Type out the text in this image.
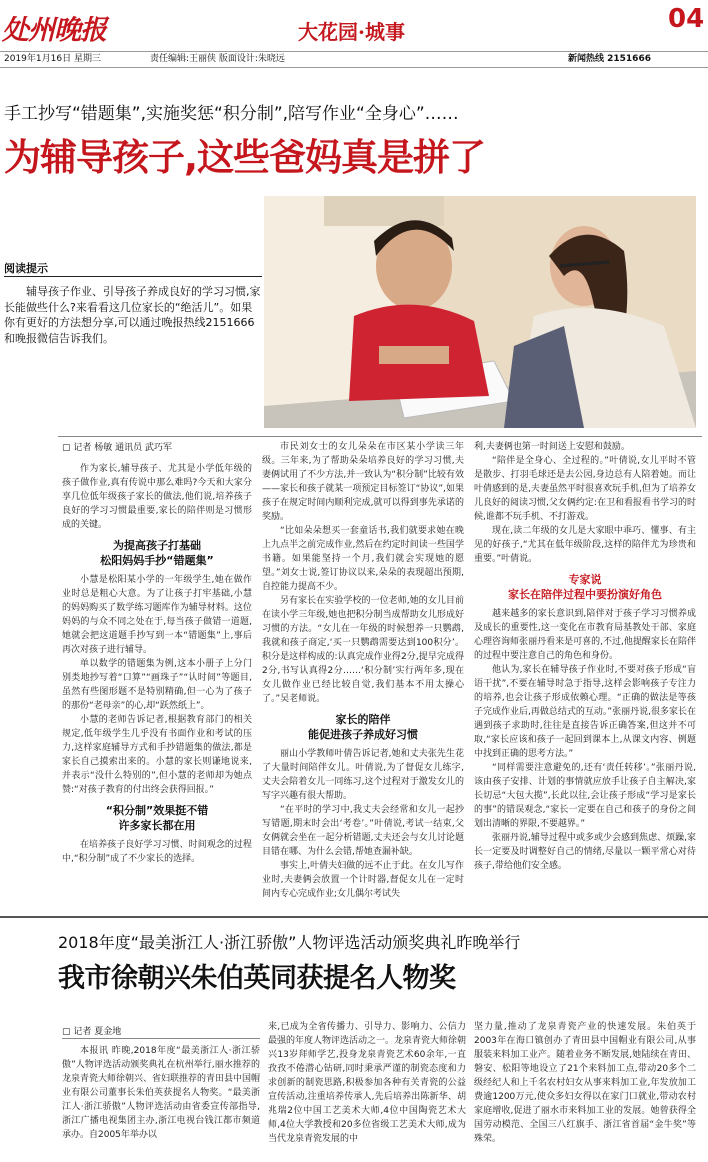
处州晚报	大花园·城事	04
2019年1月16日 星期三	责任编辑:王丽侠 版面设计:朱晓远	新闻热线 2151666
手工抄写“错题集”,实施奖惩“积分制”,陪写作业“全身心”……
为辅导孩子,这些爸妈真是拼了
阅读提示
辅导孩子作业、引导孩子养成良好的学习习惯,家长能做些什么?来看看这几位家长的“绝活儿”。如果你有更好的方法想分享,可以通过晚报热线2151666和晚报微信告诉我们。
▢ 记者 杨敏 通讯员 武巧军

作为家长,辅导孩子、尤其是小学低年级的孩子做作业,真有传说中那么难吗?今天和大家分享几位低年级孩子家长的做法,他们说,培养孩子良好的学习习惯最重要,家长的陪伴则是习惯形成的关键。

为提高孩子打基础
松阳妈妈手抄“错题集”

小慧是松阳某小学的一年级学生,她在做作业时总是粗心大意。为了让孩子打牢基础,小慧的妈妈购买了数学练习题库作为辅导材料。这位妈妈的与众不同之处在于,每当孩子做错一道题,她就会把这道题手抄写到一本“错题集”上,事后再次对孩子进行辅导。

单以数学的错题集为例,这本小册子上分门别类地抄写着“口算”“画珠子”“认时间”等题目,虽然有些图形题不是特别精确,但一心为了孩子的那份“老母亲”的心,却“跃然纸上”。

小慧的老师告诉记者,根据教育部门的相关规定,低年级学生几乎没有书面作业和考试的压力,这样家庭辅导方式和手抄错题集的做法,都是家长自己摸索出来的。小慧的家长则谦地说来,并表示“没什么特别的”,但小慧的老师却为她点赞:“对孩子教育的付出终会获得回报。”

“积分制”效果挺不错
许多家长都在用

在培养孩子良好学习习惯、时间观念的过程中,“积分制”成了不少家长的选择。

市民刘女士的女儿朵朵在市区某小学读三年级。三年来,为了帮助朵朵培养良好的学习习惯,夫妻俩试用了不少方法,并一致认为“积分制”比较有效——家长和孩子就某一项预定目标签订“协议”,如果孩子在规定时间内顺利完成,就可以得到事先承诺的奖励。

“比如朵朵想买一套童话书,我们就要求她在晚上九点半之前完成作业,然后在约定时间读一些国学书籍。如果能坚持一个月,我们就会实现她的愿望。”刘女士说,签订协议以来,朵朵的表现超出预期,自控能力提高不少。

另有家长在实验学校的一位老师,她的女儿目前在读小学三年级,她也把积分制当成帮助女儿形成好习惯的方法。“女儿在一年级的时候想养一只鹦鹉,我就和孩子商定,‘买一只鹦鹉需要达到100积分’。积分是这样构成的:认真完成作业得2分,提早完成得2分,书写认真得2分……‘积分制’实行两年多,现在女儿做作业已经比较自觉,我们基本不用太操心了。”吴老师说。

家长的陪伴
能促进孩子养成好习惯

丽山小学教师叶倩告诉记者,她和丈夫张先生花了大量时间陪伴女儿。叶倩说,为了督促女儿练字,丈夫会陪着女儿一同练习,这个过程对于激发女儿的写字兴趣有很大帮助。

“在平时的学习中,我丈夫会经常和女儿一起抄写错题,期末时会出‘考卷’。”叶倩说,考试一结束,父女俩就会坐在一起分析错题,丈夫还会与女儿讨论题目错在哪、为什么会错,帮她查漏补缺。

事实上,叶倩夫妇做的远不止于此。在女儿写作业时,夫妻俩会放置一个计时器,督促女儿在一定时间内专心完成作业;女儿偶尔考试失

利,夫妻俩也第一时间送上安慰和鼓励。

“陪伴是全身心、全过程的。”叶倩说,女儿平时不管是散步、打羽毛球还是去公园,身边总有人陪着她。而让叶倩感到的是,夫妻虽然平时很喜欢玩手机,但为了培养女儿良好的阅读习惯,父女俩约定:在卫和看报看书学习的时候,谁都不玩手机、不打游戏。

现在,读二年级的女儿是大家眼中乖巧、懂事、有主见的好孩子,“尤其在低年级阶段,这样的陪伴尤为珍贵和重要。”叶倩说。

专家说
家长在陪伴过程中要扮演好角色

越来越多的家长意识到,陪伴对于孩子学习习惯养成及成长的重要性,这一变化在市教育局基教处干部、家庭心理咨询师张丽丹看来是可喜的,不过,他提醒家长在陪伴的过程中要注意自己的角色和身份。

他认为,家长在辅导孩子作业时,不要对孩子形成“盲语干扰”,不要在辅导时急于指导,这样会影响孩子专注力的培养,也会让孩子形成依赖心理。“正确的做法是等孩子完成作业后,再做总结式的互动。”张丽丹说,很多家长在遇到孩子求助时,往往是直接告诉正确答案,但这并不可取,“家长应该和孩子一起回到课本上,从课文内容、例题中找到正确的思考方法。”

“同样需要注意避免的,还有‘责任转移’。”张丽丹说,该由孩子安排、计划的事情就应放手让孩子自主解决,家长切忌“大包大揽”,长此以往,会让孩子形成“学习是家长的事”的错误观念,“家长一定要在自己和孩子的身份之间划出清晰的界限,不要越界。”

张丽丹说,辅导过程中或多或少会感到焦虑、烦躁,家长一定要及时调整好自己的情绪,尽量以一颗平常心对待孩子,带给他们安全感。

2018年度“最美浙江人·浙江骄傲”人物评选活动颁奖典礼昨晚举行
我市徐朝兴朱伯英同获提名人物奖
▢ 记者 夏金地

本报讯 昨晚,2018年度“最美浙江人·浙江骄傲”人物评选活动颁奖典礼在杭州举行,丽水推荐的龙泉青瓷大师徐朝兴、省妇联推荐的青田县中国帽业有限公司董事长朱伯英获提名人物奖。“最美浙江人·浙江骄傲”人物评选活动由省委宣传部指导,浙江广播电视集团主办,浙江电视台钱江都市频道承办。自2005年举办以

来,已成为全省传播力、引导力、影响力、公信力最强的年度人物评选活动之一。龙泉青瓷大师徐朝兴13岁拜师学艺,投身龙泉青瓷艺术60余年,一直孜孜不倦潜心钻研,同时秉承严谨的制瓷态度和力求创新的制瓷思路,积极参加各种有关青瓷的公益宣传活动,注重培养传承人,先后培养出陈新华、胡兆瑞2位中国工艺美术大师,4位中国陶瓷艺术大师,4位大学教授和20多位省级工艺美术大师,成为当代龙泉青瓷发展的中

坚力量,推动了龙泉青瓷产业的快速发展。朱伯英于2003年在海口镇创办了青田县中国帽业有限公司,从事服装来料加工业产。随着业务不断发展,她陆续在青田、磐安、松阳等地设立了21个来料加工点,带动20多个二级经纪人和上千名农村妇女从事来料加工业,年发放加工费逾1200万元,使众多妇女得以在家门口就业,带动农村家庭增收,促进了丽水市来料加工业的发展。她曾获得全国劳动模范、全国三八红旗手、浙江省首届“金牛奖”等殊荣。
